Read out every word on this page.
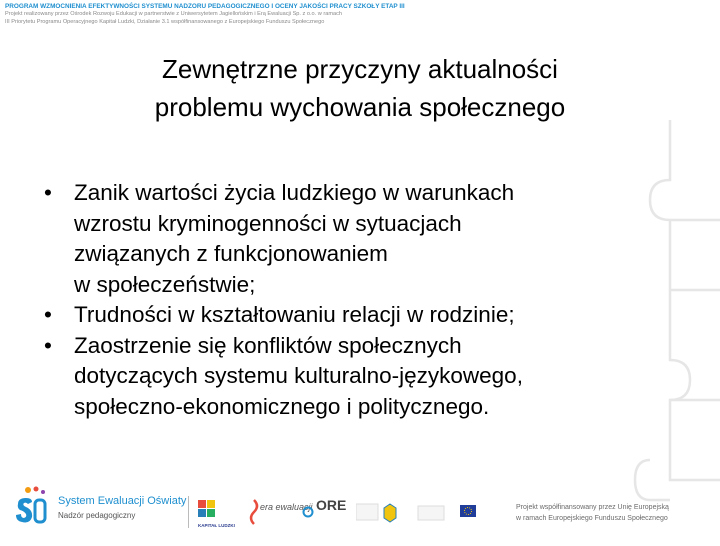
PROGRAM WZMOCNIENIA EFEKTYWNOŚCI SYSTEMU NADZORU PEDAGOGICZNEGO I OCENY JAKOŚCI PRACY SZKOŁY ETAP III
Projekt realizowany przez Ośrodek Rozwoju Edukacji w partnerstwie z Uniwersytetem Jagiellońskim i Erą Ewaluacji Sp. z o.o. w ramach
III Priorytetu Programu Operacyjnego Kapitał Ludzki, Działanie 3.1 współfinansowanego z Europejskiego Funduszu Społecznego
Zewnętrzne przyczyny aktualności
problemu wychowania społecznego
• Zanik wartości życia ludzkiego w warunkach
wzrostu kryminogenności w sytuacjach
związanych z funkcjonowaniem
w społeczeństwie;
• Trudności w kształtowaniu relacji w rodzinie;
• Zaostrzenie się konfliktów społecznych
dotyczących systemu kulturalno-językowego,
społeczno-ekonomicznego i politycznego.
System Ewaluacji Oświaty
Nadzór pedagogiczny
KAPITAŁ LUDZKI
era ewaluacji ORE	Projekt współfinansowany przez Unię Europejską
w ramach Europejskiego Funduszu Społecznego
